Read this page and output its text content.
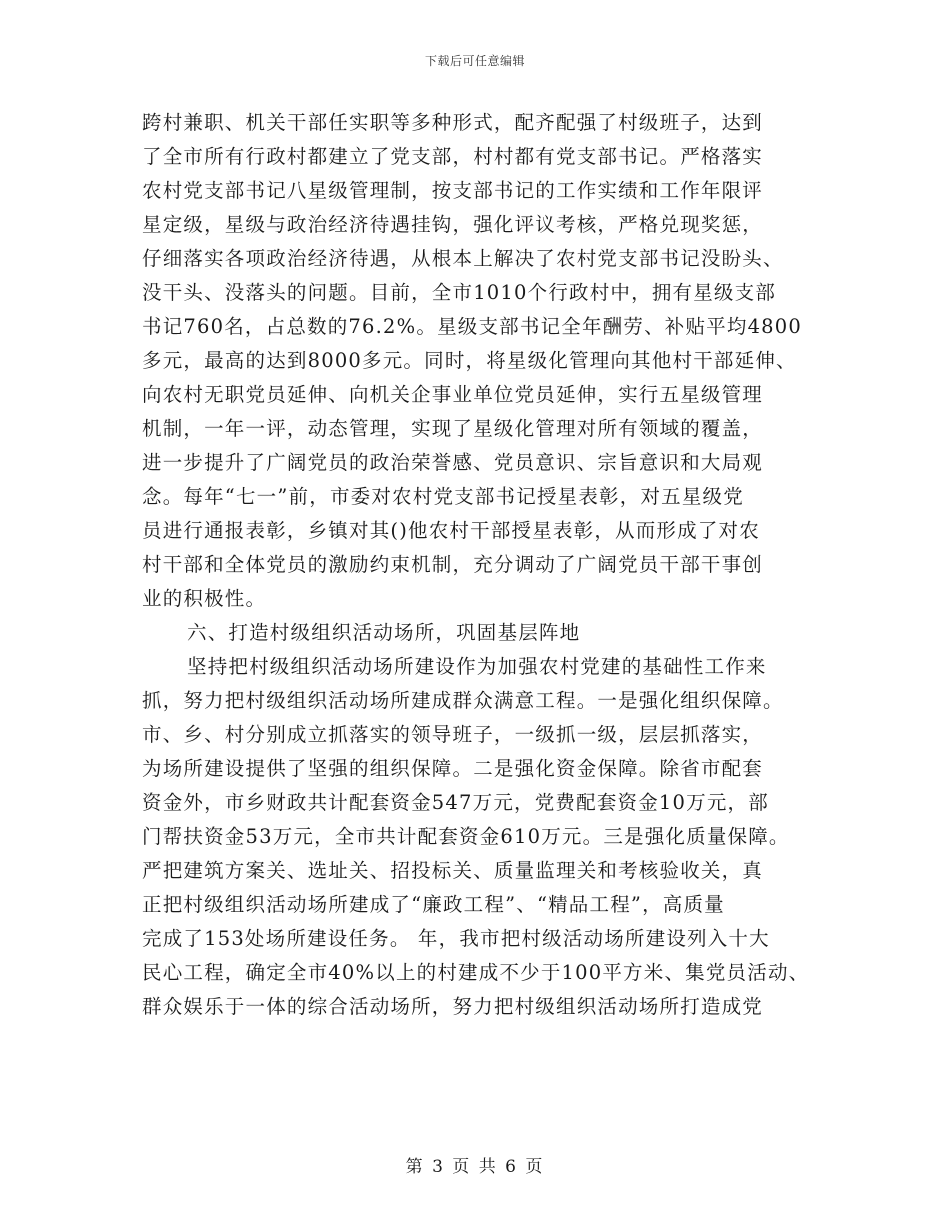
下载后可任意编辑
跨村兼职、机关干部任实职等多种形式，配齐配强了村级班子，达到
了全市所有行政村都建立了党支部，村村都有党支部书记。严格落实
农村党支部书记八星级管理制，按支部书记的工作实绩和工作年限评
星定级，星级与政治经济待遇挂钩，强化评议考核，严格兑现奖惩，
仔细落实各项政治经济待遇，从根本上解决了农村党支部书记没盼头、
没干头、没落头的问题。目前，全市1010个行政村中，拥有星级支部
书记760名，占总数的76.2%。星级支部书记全年酬劳、补贴平均4800
多元，最高的达到8000多元。同时，将星级化管理向其他村干部延伸、
向农村无职党员延伸、向机关企事业单位党员延伸，实行五星级管理
机制，一年一评，动态管理，实现了星级化管理对所有领域的覆盖，
进一步提升了广阔党员的政治荣誉感、党员意识、宗旨意识和大局观
念。每年“七一”前，市委对农村党支部书记授星表彰，对五星级党
员进行通报表彰，乡镇对其()他农村干部授星表彰，从而形成了对农
村干部和全体党员的激励约束机制，充分调动了广阔党员干部干事创
业的积极性。
六、打造村级组织活动场所，巩固基层阵地
坚持把村级组织活动场所建设作为加强农村党建的基础性工作来
抓，努力把村级组织活动场所建成群众满意工程。一是强化组织保障。
市、乡、村分别成立抓落实的领导班子，一级抓一级，层层抓落实，
为场所建设提供了坚强的组织保障。二是强化资金保障。除省市配套
资金外，市乡财政共计配套资金547万元，党费配套资金10万元，部
门帮扶资金53万元，全市共计配套资金610万元。三是强化质量保障。
严把建筑方案关、选址关、招投标关、质量监理关和考核验收关，真
正把村级组织活动场所建成了“廉政工程”、“精品工程”，高质量
完成了153处场所建设任务。 年，我市把村级活动场所建设列入十大
民心工程，确定全市40%以上的村建成不少于100平方米、集党员活动、
群众娱乐于一体的综合活动场所，努力把村级组织活动场所打造成党
第 3 页 共 6 页
